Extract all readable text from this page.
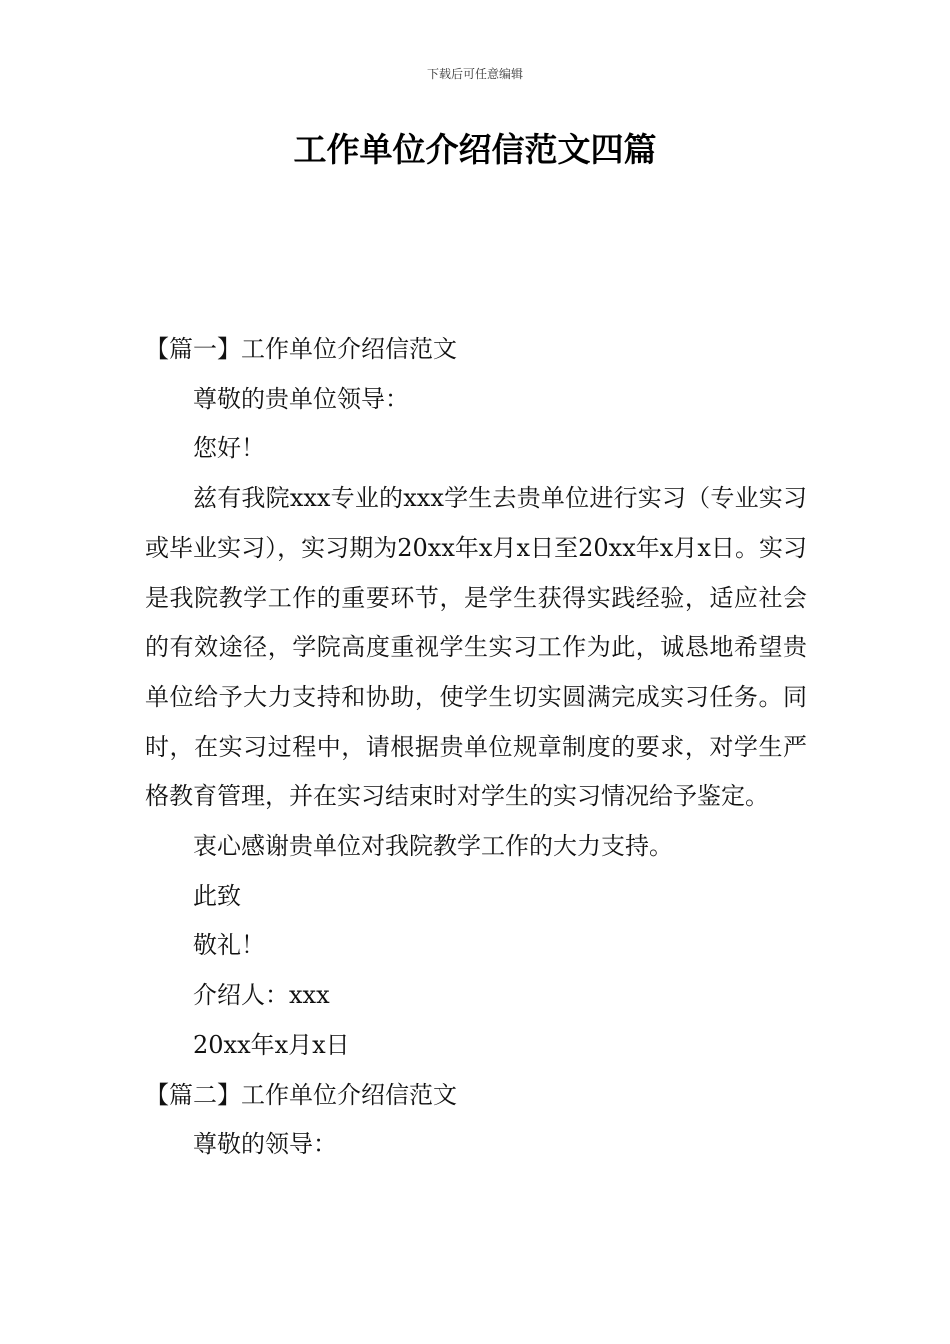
下载后可任意编辑
工作单位介绍信范文四篇

【篇一】工作单位介绍信范文

尊敬的贵单位领导：

您好！

兹有我院xxx专业的xxx学生去贵单位进行实习（专业实习或毕业实习），实习期为20xx年x月x日至20xx年x月x日。实习是我院教学工作的重要环节，是学生获得实践经验，适应社会的有效途径，学院高度重视学生实习工作为此，诚恳地希望贵单位给予大力支持和协助，使学生切实圆满完成实习任务。同时，在实习过程中，请根据贵单位规章制度的要求，对学生严格教育管理，并在实习结束时对学生的实习情况给予鉴定。

衷心感谢贵单位对我院教学工作的大力支持。

此致

敬礼！

介绍人：xxx

20xx年x月x日

【篇二】工作单位介绍信范文

尊敬的领导：
